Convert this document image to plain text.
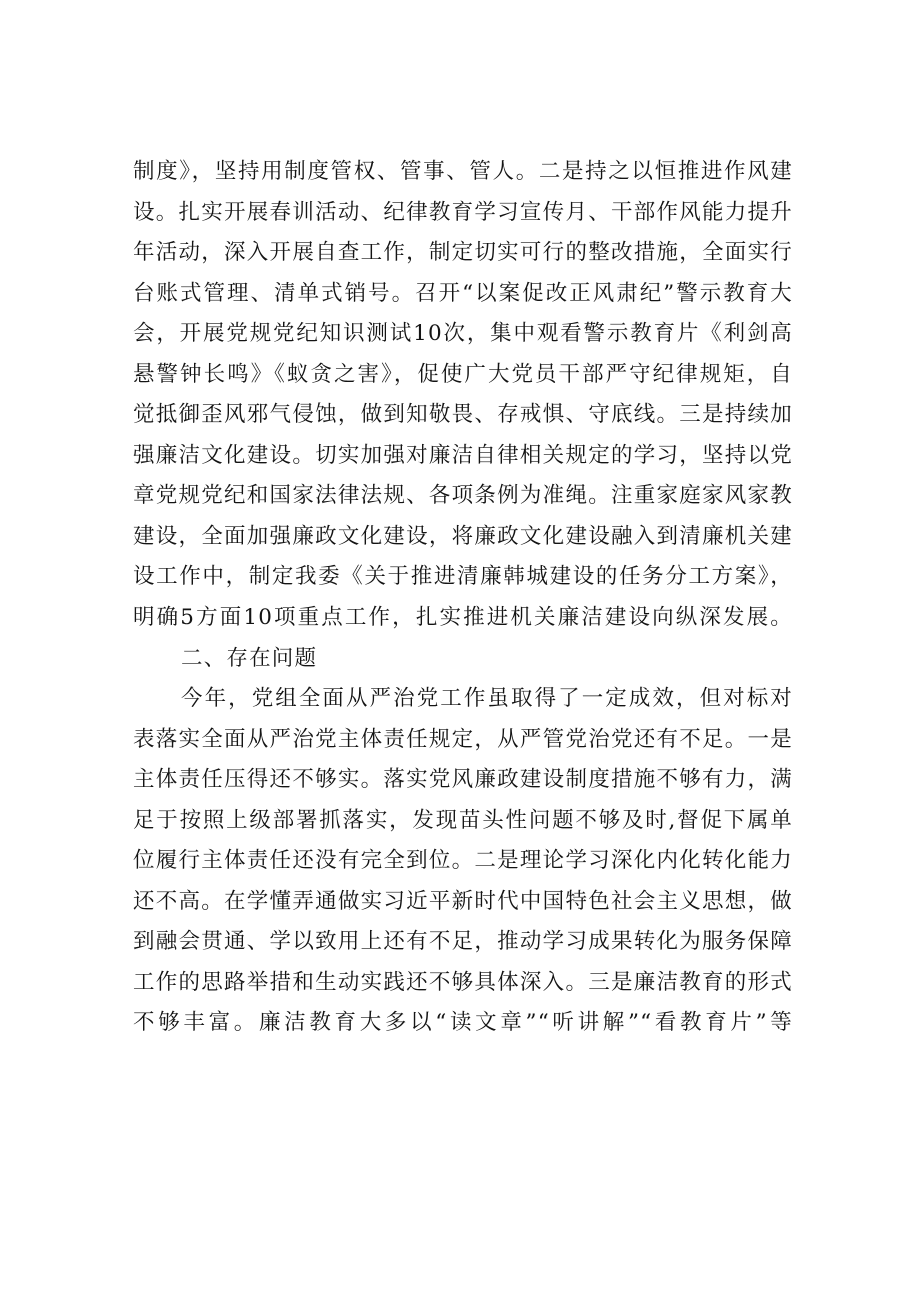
制度》，坚持用制度管权、管事、管人。二是持之以恒推进作风建
设。扎实开展春训活动、纪律教育学习宣传月、干部作风能力提升
年活动，深入开展自查工作，制定切实可行的整改措施，全面实行
台账式管理、清单式销号。召开“以案促改正风肃纪”警示教育大
会，开展党规党纪知识测试10次，集中观看警示教育片《利剑高
悬警钟长鸣》《蚁贪之害》，促使广大党员干部严守纪律规矩，自
觉抵御歪风邪气侵蚀，做到知敬畏、存戒惧、守底线。三是持续加
强廉洁文化建设。切实加强对廉洁自律相关规定的学习，坚持以党
章党规党纪和国家法律法规、各项条例为准绳。注重家庭家风家教
建设，全面加强廉政文化建设，将廉政文化建设融入到清廉机关建
设工作中，制定我委《关于推进清廉韩城建设的任务分工方案》，
明确5方面10项重点工作，扎实推进机关廉洁建设向纵深发展。
二、存在问题
今年，党组全面从严治党工作虽取得了一定成效，但对标对
表落实全面从严治党主体责任规定，从严管党治党还有不足。一是
主体责任压得还不够实。落实党风廉政建设制度措施不够有力，满
足于按照上级部署抓落实，发现苗头性问题不够及时,督促下属单
位履行主体责任还没有完全到位。二是理论学习深化内化转化能力
还不高。在学懂弄通做实习近平新时代中国特色社会主义思想，做
到融会贯通、学以致用上还有不足，推动学习成果转化为服务保障
工作的思路举措和生动实践还不够具体深入。三是廉洁教育的形式
不够丰富。廉洁教育大多以“读文章”“听讲解”“看教育片”等
